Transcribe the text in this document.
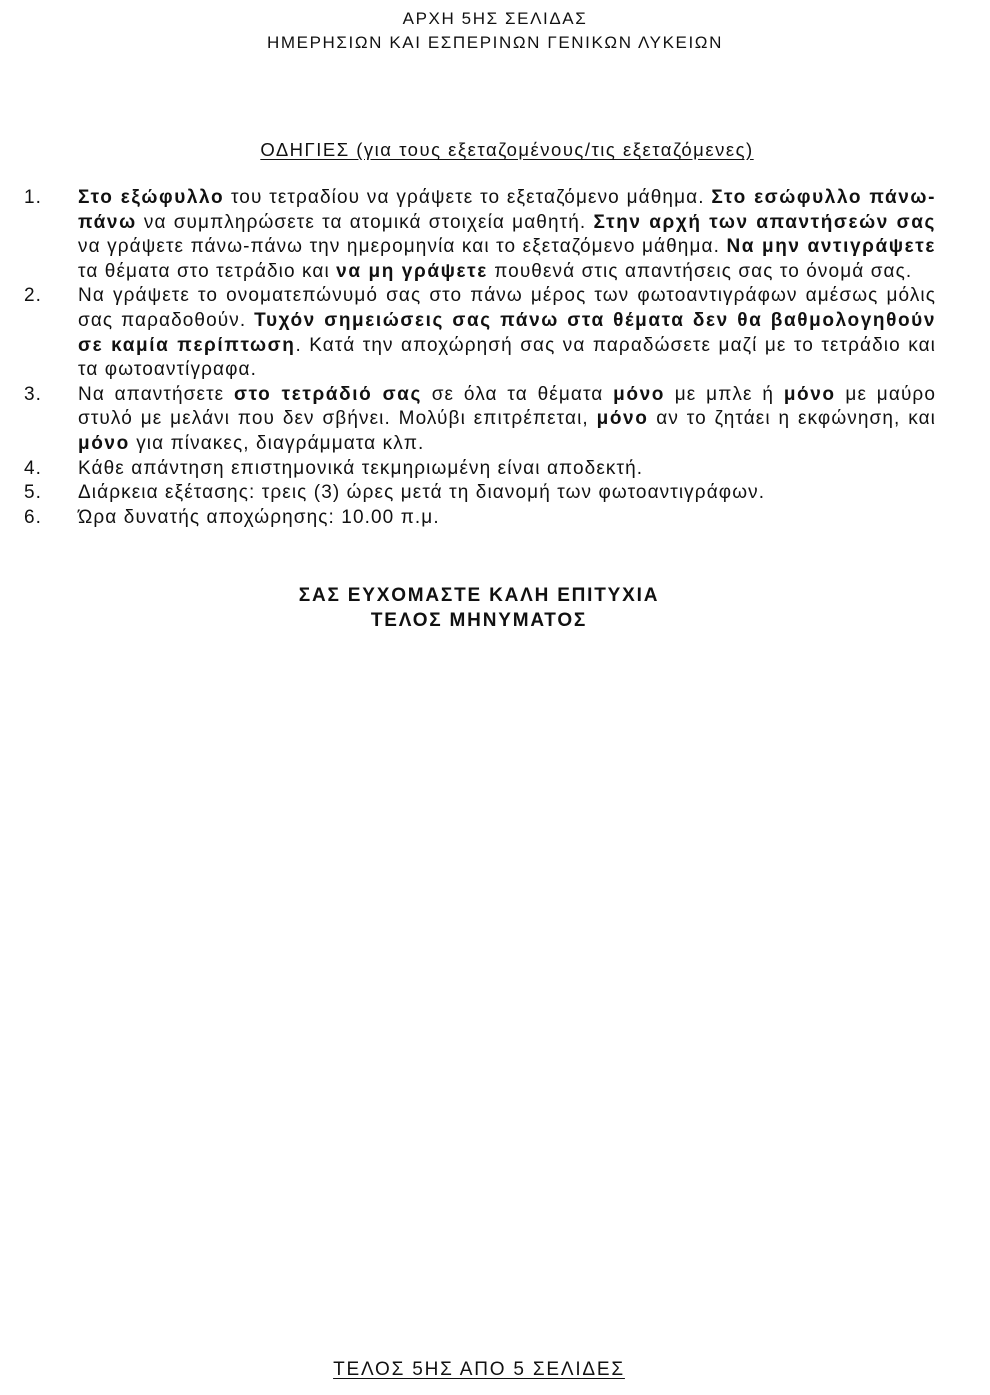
ΑΡΧΗ 5ΗΣ ΣΕΛΙΔΑΣ
ΗΜΕΡΗΣΙΩΝ ΚΑΙ ΕΣΠΕΡΙΝΩΝ ΓΕΝΙΚΩΝ ΛΥΚΕΙΩΝ
ΟΔΗΓΙΕΣ (για τους εξεταζομένους/τις εξεταζόμενες)
1.	Στο εξώφυλλο του τετραδίου να γράψετε το εξεταζόμενο μάθημα. Στο εσώφυλλο πάνω-πάνω να συμπληρώσετε τα ατομικά στοιχεία μαθητή. Στην αρχή των απαντήσεών σας να γράψετε πάνω-πάνω την ημερομηνία και το εξεταζόμενο μάθημα. Να μην αντιγράψετε τα θέματα στο τετράδιο και να μη γράψετε πουθενά στις απαντήσεις σας το όνομά σας.
2.	Να γράψετε το ονοματεπώνυμό σας στο πάνω μέρος των φωτοαντιγράφων αμέσως μόλις σας παραδοθούν. Τυχόν σημειώσεις σας πάνω στα θέματα δεν θα βαθμολογηθούν σε καμία περίπτωση. Κατά την αποχώρησή σας να παραδώσετε μαζί με το τετράδιο και τα φωτοαντίγραφα.
3.	Να απαντήσετε στο τετράδιό σας σε όλα τα θέματα μόνο με μπλε ή μόνο με μαύρο στυλό με μελάνι που δεν σβήνει. Μολύβι επιτρέπεται, μόνο αν το ζητάει η εκφώνηση, και μόνο για πίνακες, διαγράμματα κλπ.
4.	Κάθε απάντηση επιστημονικά τεκμηριωμένη είναι αποδεκτή.
5.	Διάρκεια εξέτασης: τρεις (3) ώρες μετά τη διανομή των φωτοαντιγράφων.
6.	Ώρα δυνατής αποχώρησης: 10.00 π.μ.
ΣΑΣ ΕΥΧΟΜΑΣΤΕ ΚΑΛΗ ΕΠΙΤΥΧΙΑ
ΤΕΛΟΣ ΜΗΝΥΜΑΤΟΣ
ΤΕΛΟΣ 5ΗΣ ΑΠΟ 5 ΣΕΛΙΔΕΣ
